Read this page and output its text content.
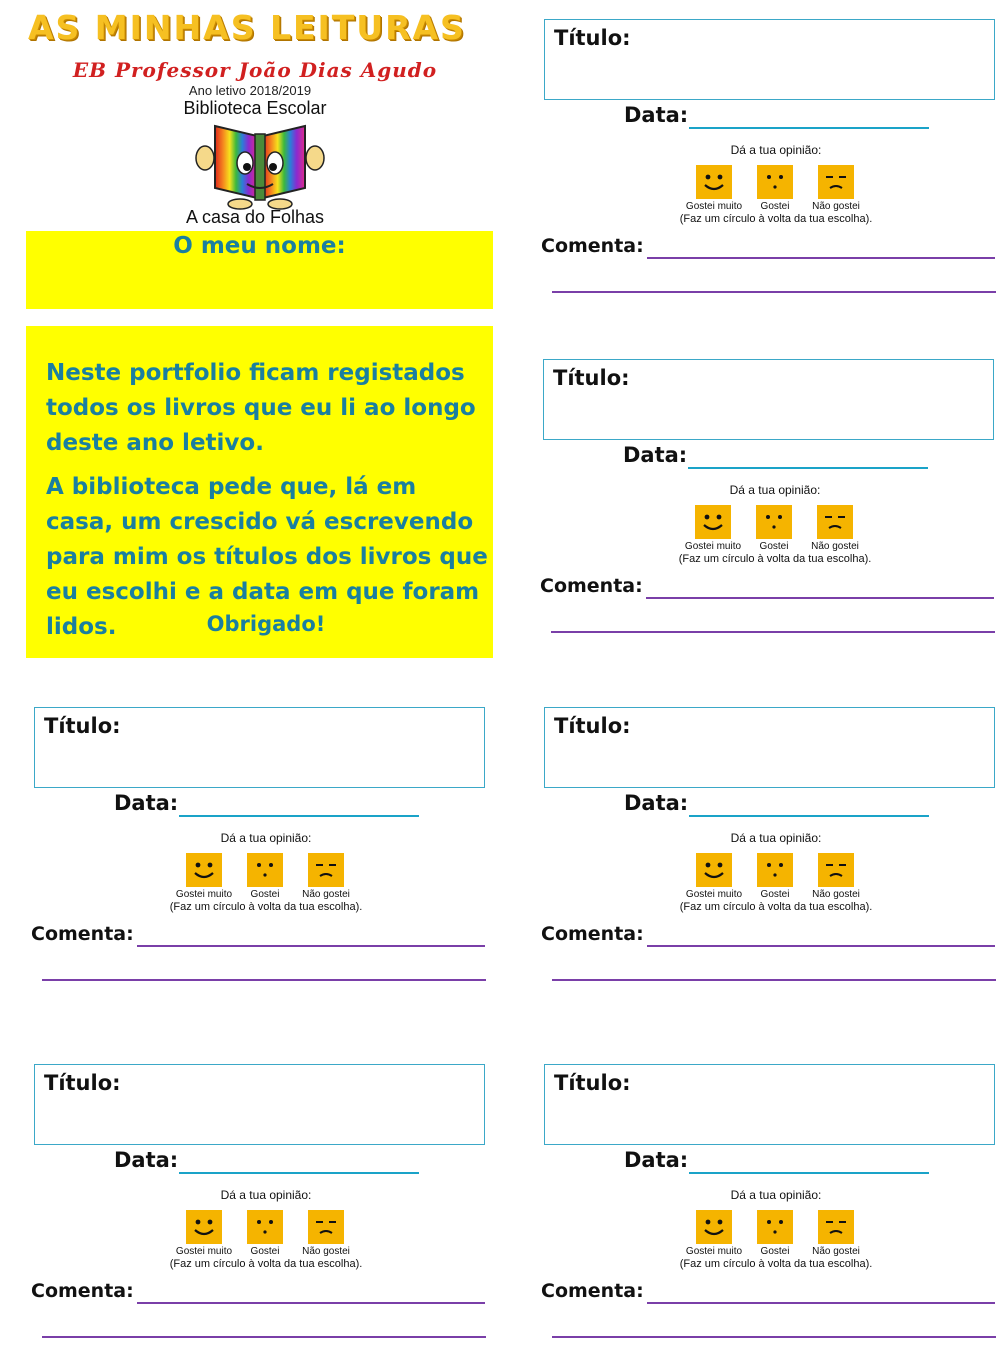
AS MINHAS LEITURAS
EB Professor João Dias Agudo
Ano letivo 2018/2019
Biblioteca Escolar
A casa do Folhas
O meu nome:

Neste portfolio ficam registados todos os livros que eu li ao longo deste ano letivo.

A biblioteca pede que, lá em casa, um crescido vá escrevendo para mim os títulos dos livros que eu escolhi e a data em que foram lidos.	Obrigado!
Título:
Data:
Dá a tua opinião:
Gostei muito	Gostei	Não gostei
(Faz um círculo à volta da tua escolha).
Comenta:
Título:
Data:
Dá a tua opinião:
Gostei muito	Gostei	Não gostei
(Faz um círculo à volta da tua escolha).
Comenta:
Título:
Data:
Dá a tua opinião:
Gostei muito	Gostei	Não gostei
(Faz um círculo à volta da tua escolha).
Comenta:
Título:
Data:
Dá a tua opinião:
Gostei muito	Gostei	Não gostei
(Faz um círculo à volta da tua escolha).
Comenta:
Título:
Data:
Dá a tua opinião:
Gostei muito	Gostei	Não gostei
(Faz um círculo à volta da tua escolha).
Comenta:
Título:
Data:
Dá a tua opinião:
Gostei muito	Gostei	Não gostei
(Faz um círculo à volta da tua escolha).
Comenta:
